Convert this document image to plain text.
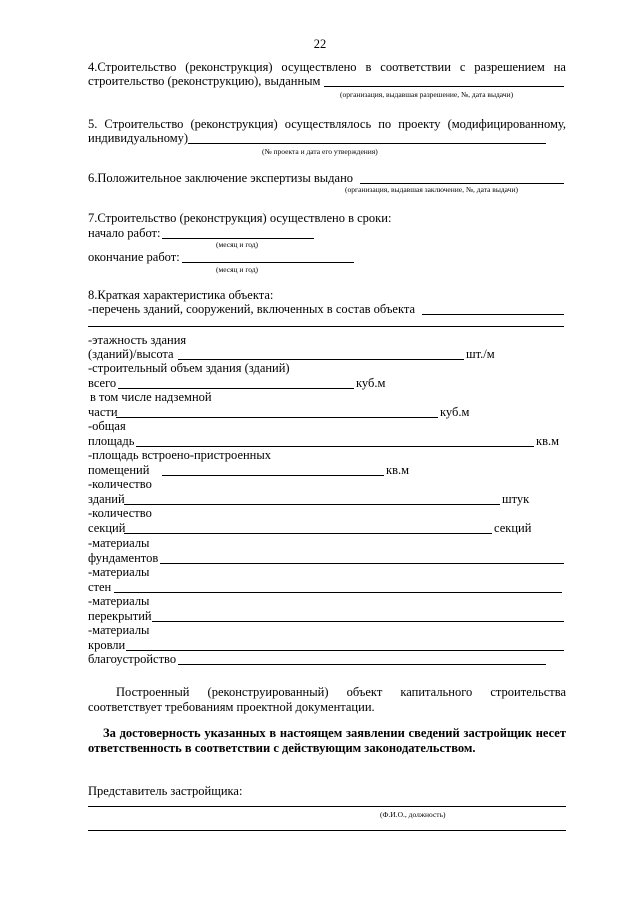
22
4.Строительство (реконструкция) осуществлено в соответствии с разрешением на
строительство (реконструкцию), выданным
(организация, выдавшая разрешение, №, дата выдачи)
5. Строительство (реконструкция) осуществлялось по проекту (модифицированному,
индивидуальному)
(№ проекта и дата его утверждения)
6.Положительное заключение экспертизы выдано
(организация, выдавшая заключение, №, дата выдачи)
7.Строительство (реконструкция) осуществлено в сроки:
начало работ:
(месяц и год)
окончание работ:
(месяц и год)
8.Краткая характеристика объекта:
-перечень зданий, сооружений, включенных в состав объекта
-этажность здания
(зданий)/высота	шт./м
-строительный объем здания (зданий)
всего	куб.м
в том числе надземной
части	куб.м
-общая
площадь	кв.м
-площадь встроено-пристроенных
помещений	кв.м
-количество
зданий	штук
-количество
секций	секций
-материалы
фундаментов
-материалы
стен
-материалы
перекрытий
-материалы
кровли
благоустройство
Построенный (реконструированный) объект капитального строительства
соответствует требованиям проектной документации.
За достоверность указанных в настоящем заявлении сведений застройщик несет
ответственность в соответствии с действующим законодательством.
Представитель застройщика:
(Ф.И.О., должность)
